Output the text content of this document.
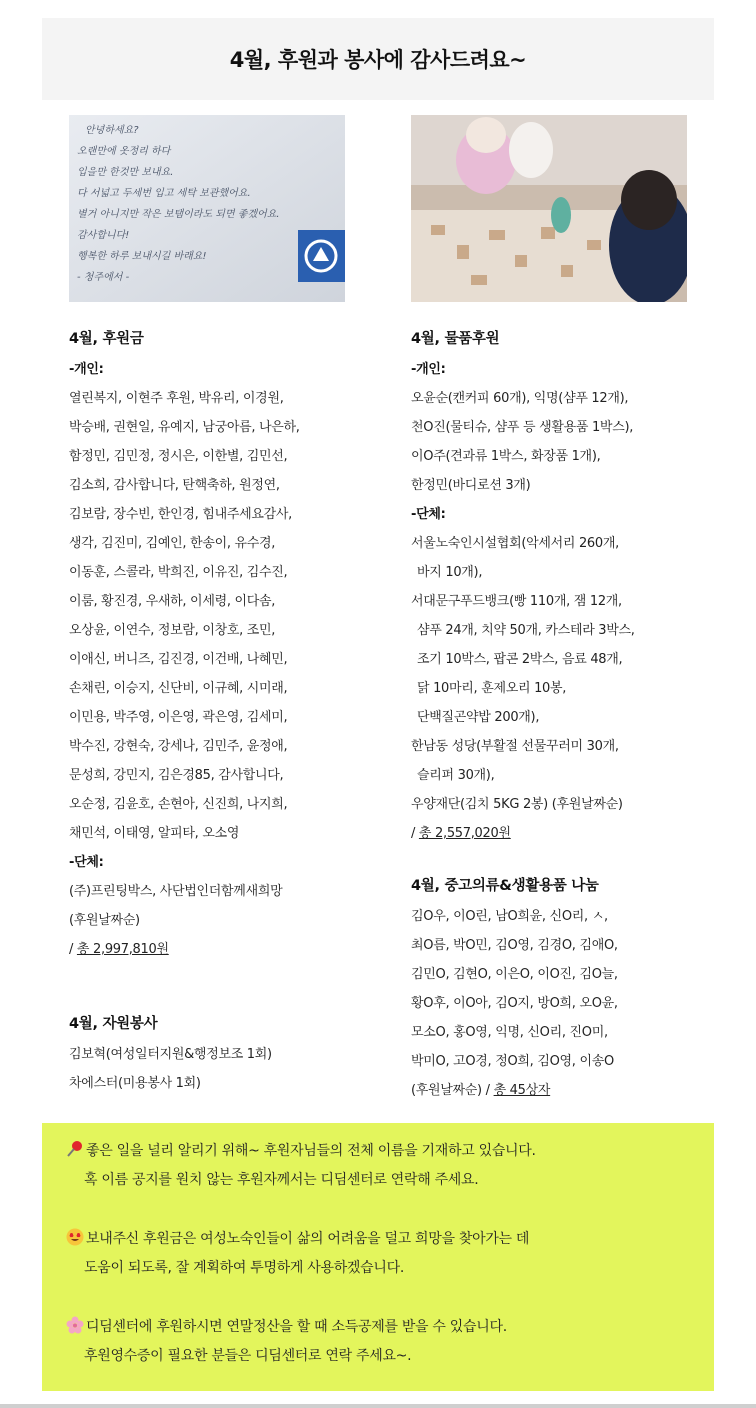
4월, 후원과 봉사에 감사드려요~
안녕하세요?
오랜만에 옷정리 하다
입을만 한것만 보내요.
다 서넓고 두세번 입고 세탁 보관했어요.
별거 아니지만 작은 보탬이라도 되면 좋겠어요.
감사합니다!
행복한 하루 보내시길 바래요!
- 청주에서 -
4월, 후원금
-개인:
열린복지, 이현주 후원, 박유리, 이경원,
박승배, 권현일, 유예지, 남궁아름, 나은하,
함정민, 김민정, 정시은, 이한별, 김민선,
김소희, 감사합니다, 탄핵축하, 원정연,
김보람, 장수빈, 한인경, 힘내주세요감사,
생각, 김진미, 김예인, 한송이, 유수경,
이동훈, 스콜라, 박희진, 이유진, 김수진,
이룸, 황진경, 우새하, 이세령, 이다솜,
오상윤, 이연수, 정보람, 이창호, 조민,
이애신, 버니즈, 김진경, 이건배, 나혜민,
손채린, 이승지, 신단비, 이규혜, 시미래,
이민용, 박주영, 이은영, 곽은영, 김세미,
박수진, 강현숙, 강세나, 김민주, 윤정애,
문성희, 강민지, 김은경85, 감사합니다,
오순정, 김윤호, 손현아, 신진희, 나지희,
채민석, 이태영, 알피타, 오소영
-단체:
(주)프린팅박스, 사단법인더함께새희망
(후원날짜순)
/ 총 2,997,810원
4월, 자원봉사
김보혁(여성일터지원&행정보조 1회)
차에스터(미용봉사 1회)
4월, 물품후원
-개인:
오윤순(캔커피 60개), 익명(샴푸 12개),
천O진(물티슈, 샴푸 등 생활용품 1박스),
이O주(견과류 1박스, 화장품 1개),
한정민(바디로션 3개)
-단체:
서울노숙인시설협회(악세서리 260개,
바지 10개),
서대문구푸드뱅크(빵 110개, 잼 12개,
샴푸 24개, 치약 50개, 카스테라 3박스,
조기 10박스, 팝콘 2박스, 음료 48개,
닭 10마리, 훈제오리 10봉,
단백질곤약밥 200개),
한남동 성당(부활절 선물꾸러미 30개,
슬리퍼 30개),
우양재단(김치 5KG 2봉) (후원날짜순)
/ 총 2,557,020원
4월, 중고의류&생활용품 나눔
김O우, 이O린, 남O희윤, 신O리, ㅅ,
최O름, 박O민, 김O영, 김경O, 김애O,
김민O, 김현O, 이은O, 이O진, 김O늘,
황O후, 이O아, 김O지, 방O희, 오O윤,
모소O, 홍O영, 익명, 신O리, 진O미,
박미O, 고O경, 정O희, 김O영, 이송O
(후원날짜순) / 총 45상자
좋은 일을 널리 알리기 위해~ 후원자님들의 전체 이름을 기재하고 있습니다.
혹 이름 공지를 원치 않는 후원자께서는 디딤센터로 연락해 주세요.
보내주신 후원금은 여성노숙인들이 삶의 어려움을 덜고 희망을 찾아가는 데
도움이 되도록, 잘 계획하여 투명하게 사용하겠습니다.
디딤센터에 후원하시면 연말정산을 할 때 소득공제를 받을 수 있습니다.
후원영수증이 필요한 분들은 디딤센터로 연락 주세요~.
